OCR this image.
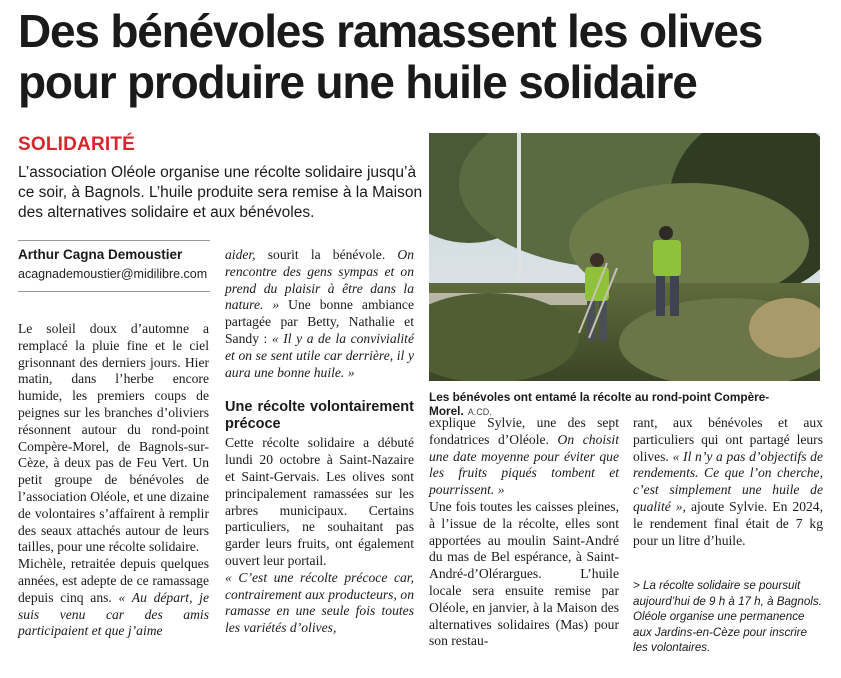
Des bénévoles ramassent les olives pour produire une huile solidaire
SOLIDARITÉ
L’association Oléole organise une récolte solidaire jusqu’à ce soir, à Bagnols. L’huile produite sera remise à la Maison des alternatives solidaire et aux bénévoles.
Arthur Cagna Demoustier
acagnademoustier@midilibre.com

Le soleil doux d’automne a remplacé la pluie fine et le ciel grisonnant des derniers jours. Hier matin, dans l’herbe encore humide, les premiers coups de peignes sur les branches d’oliviers résonnent autour du rond-point Compère-Morel, de Bagnols-sur-Cèze, à deux pas de Feu Vert. Un petit groupe de bénévoles de l’association Oléole, et une dizaine de volontaires s’affairent à remplir des seaux attachés autour de leurs tailles, pour une récolte solidaire.

Michèle, retraitée depuis quelques années, est adepte de ce ramassage depuis cinq ans. « Au départ, je suis venu car des amis participaient et que j’aime

aider, sourit la bénévole. On rencontre des gens sympas et on prend du plaisir à être dans la nature. » Une bonne ambiance partagée par Betty, Nathalie et Sandy : « Il y a de la convivialité et on se sent utile car derrière, il y aura une bonne huile. »

Une récolte volontairement précoce

Cette récolte solidaire a débuté lundi 20 octobre à Saint-Nazaire et Saint-Gervais. Les olives sont principalement ramassées sur les arbres municipaux. Certains particuliers, ne souhaitant pas garder leurs fruits, ont également ouvert leur portail.

« C’est une récolte précoce car, contrairement aux producteurs, on ramasse en une seule fois toutes les variétés d’olives,

Les bénévoles ont entamé la récolte au rond-point Compère-Morel. A.CD.

explique Sylvie, une des sept fondatrices d’Oléole. On choisit une date moyenne pour éviter que les fruits piqués tombent et pourrissent. »

Une fois toutes les caisses pleines, à l’issue de la récolte, elles sont apportées au moulin Saint-André du mas de Bel espérance, à Saint-André-d’Olérargues. L’huile locale sera ensuite remise par Oléole, en janvier, à la Maison des alternatives solidaires (Mas) pour son restau-

rant, aux bénévoles et aux particuliers qui ont partagé leurs olives. « Il n’y a pas d’objectifs de rendements. Ce que l’on cherche, c’est simplement une huile de qualité », ajoute Sylvie. En 2024, le rendement final était de 7 kg pour un litre d’huile.

> La récolte solidaire se poursuit aujourd’hui de 9 h à 17 h, à Bagnols. Oléole organise une permanence aux Jardins-en-Cèze pour inscrire les volontaires.
